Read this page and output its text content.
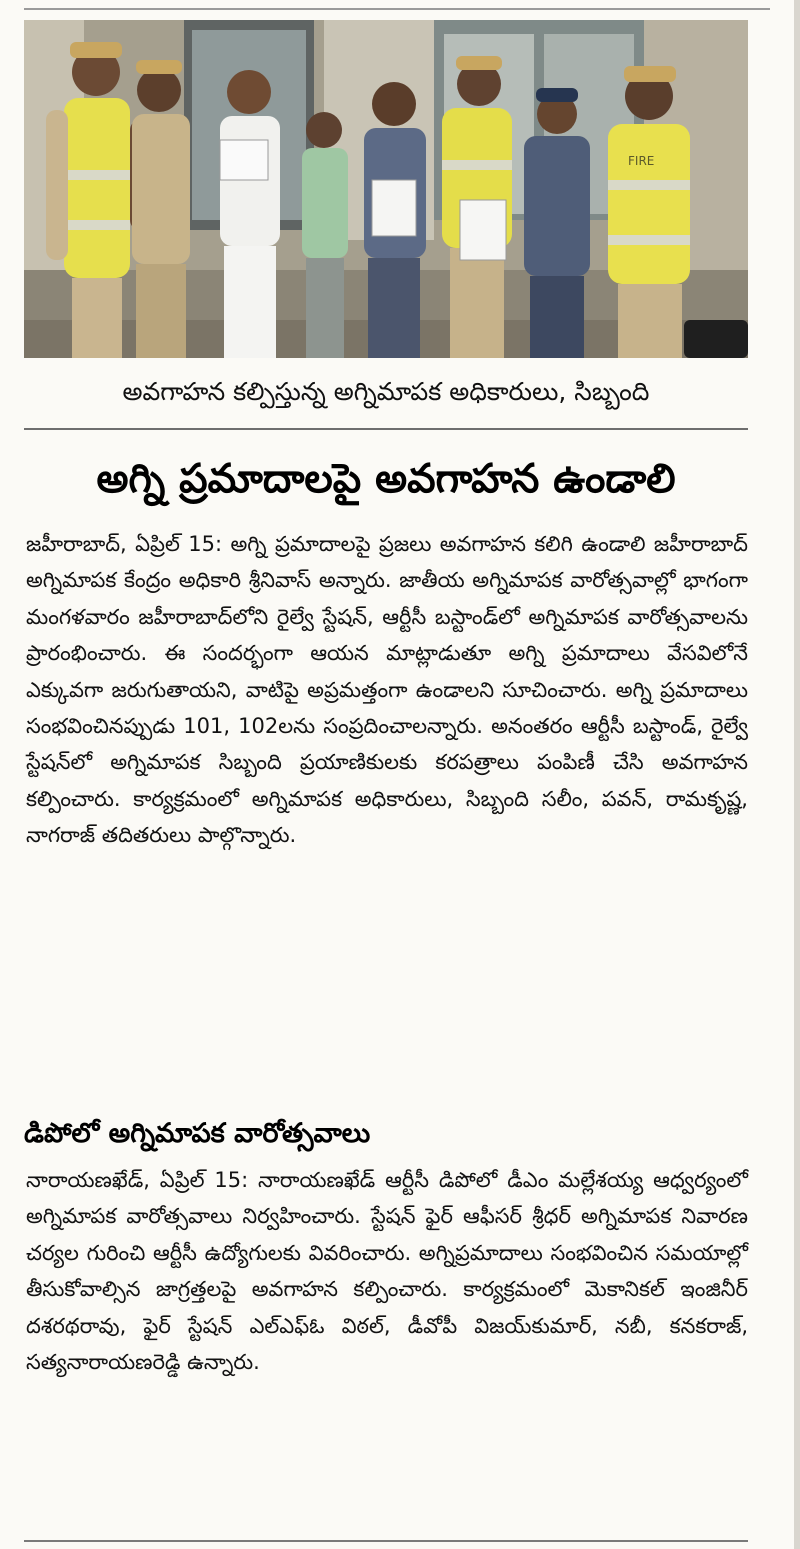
FIRE
అవగాహన కల్పిస్తున్న అగ్నిమాపక అధికారులు, సిబ్బంది
అగ్ని ప్రమాదాలపై అవగాహన ఉండాలి

జహీరాబాద్, ఏప్రిల్ 15: అగ్ని ప్రమాదాలపై ప్రజలు అవగాహన కలిగి ఉండాలి జహీరాబాద్ అగ్నిమాపక కేంద్రం అధికారి శ్రీనివాస్ అన్నారు. జాతీయ అగ్నిమాపక వారోత్సవాల్లో భాగంగా మంగళవారం జహీరాబాద్‌లోని రైల్వే స్టేషన్, ఆర్టీసీ బస్టాండ్‌లో అగ్నిమాపక వారోత్సవాలను ప్రారంభించారు. ఈ సందర్భంగా ఆయన మాట్లాడుతూ అగ్ని ప్రమాదాలు వేసవిలోనే ఎక్కువగా జరుగుతాయని, వాటిపై అప్రమత్తంగా ఉండాలని సూచించారు. అగ్ని ప్రమాదాలు సంభవించినప్పుడు 101, 102లను సంప్రదించాలన్నారు. అనంతరం ఆర్టీసీ బస్టాండ్, రైల్వే స్టేషన్‌లో అగ్నిమాపక సిబ్బంది ప్రయాణికులకు కరపత్రాలు పంపిణీ చేసి అవగాహన కల్పించారు. కార్యక్రమంలో అగ్నిమాపక అధికారులు, సిబ్బంది సలీం, పవన్, రామకృష్ణ, నాగరాజ్ తదితరులు పాల్గొన్నారు.

డిపోలో అగ్నిమాపక వారోత్సవాలు

నారాయణఖేడ్, ఏప్రిల్ 15: నారాయణఖేడ్ ఆర్టీసీ డిపోలో డీఎం మల్లేశయ్య ఆధ్వర్యంలో అగ్నిమాపక వారోత్సవాలు నిర్వహించారు. స్టేషన్ ఫైర్ ఆఫీసర్ శ్రీధర్ అగ్నిమాపక నివారణ చర్యల గురించి ఆర్టీసీ ఉద్యోగులకు వివరించారు. అగ్నిప్రమాదాలు సంభవించిన సమయాల్లో తీసుకోవాల్సిన జాగ్రత్తలపై అవగాహన కల్పించారు. కార్యక్రమంలో మెకానికల్ ఇంజినీర్ దశరథరావు, ఫైర్ స్టేషన్ ఎల్ఎఫ్ఓ విఠల్, డీవోపీ విజయ్‌కుమార్, నబీ, కనకరాజ్, సత్యనారాయణరెడ్డి ఉన్నారు.
